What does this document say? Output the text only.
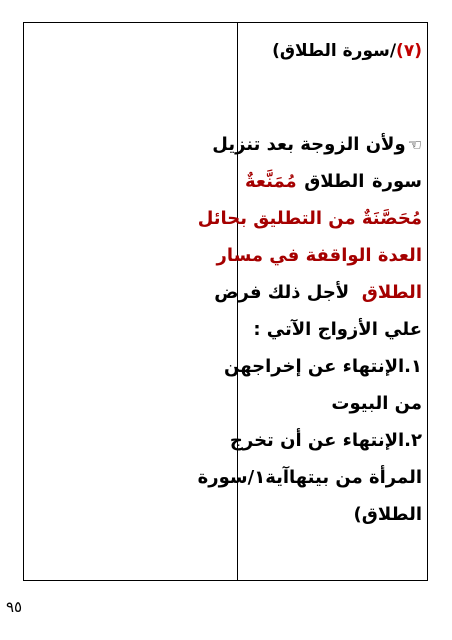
(٧)/سورة الطلاق)
☜ولأن الزوجة بعد تنزيل
سورة
الطلاق
مُمَنَّعةٌ
مُحَصَّنَةٌ من التطليق بحائل
العدة الواقفة في مسار
الطلاق  لأجل ذلك فرض
علي الأزواج الآتي :
١.الإنتهاء عن إخراجهن
من البيوت
٢.الإنتهاء عن أن تخرج
المرأة من بيتهاآية١/سورة
الطلاق)
٩٥
